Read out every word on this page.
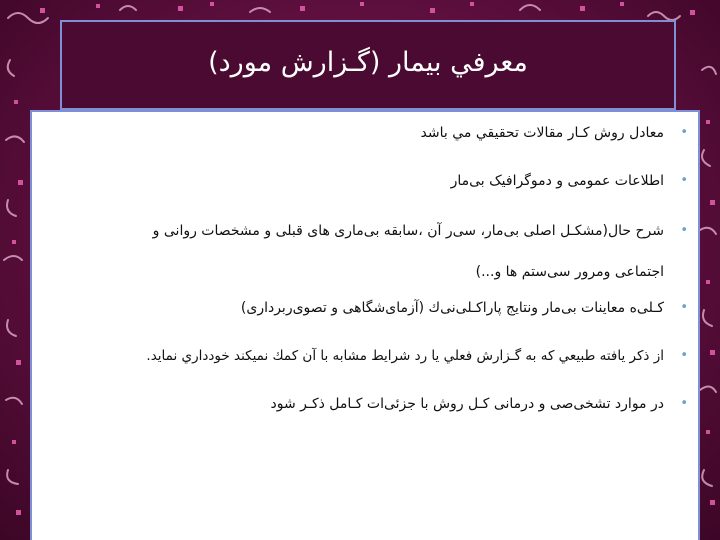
معرفي بيمار (گـزارش مورد)
•
معادل روش كـار مقالات تحقيقي مي باشد
•
اطلاعات عمومی و دموگرافيک بی‌مار
•
شرح حال(مشكـل اصلی بی‌مار، سی‌ر آن ،سابقه بی‌ماری های قبلی و مشخصات روانی و
اجتماعی ومرور سی‌ستم ها و...)
•
كـلی‌ه معاینات بی‌مار ونتایج پاراكـلی‌نی‌ك (آزمای‌شگاهی و تصوی‌ربرداری)
•
از ذكر يافته طبيعي كه به گـزارش فعلي يا رد شرايط مشابه با آن كمك نميكند خودداري نمايد.
•
در موارد تشخی‌صی و درمانی كـل روش با جزئی‌ات كـامل ذكـر شود
